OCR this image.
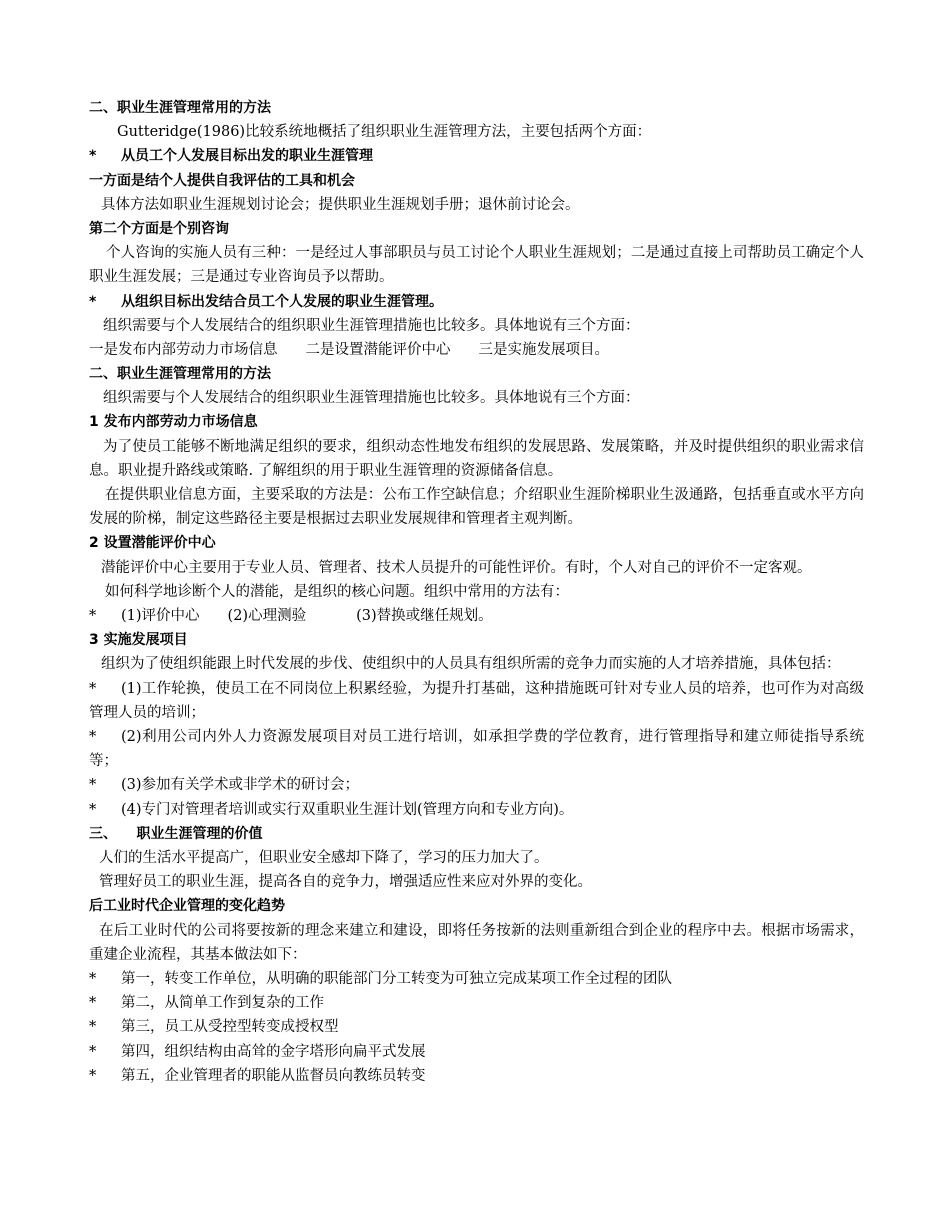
二、职业生涯管理常用的方法
Gutteridge(1986)比较系统地概括了组织职业生涯管理方法，主要包括两个方面：
* 从员工个人发展目标出发的职业生涯管理
一方面是结个人提供自我评估的工具和机会
具体方法如职业生涯规划讨论会；提供职业生涯规划手册；退休前讨论会。
第二个方面是个别咨询
个人咨询的实施人员有三种：一是经过人事部职员与员工讨论个人职业生涯规划；二是通过直接上司帮助员工确定个人职业生涯发展；三是通过专业咨询员予以帮助。
* 从组织目标出发结合员工个人发展的职业生涯管理。
组织需要与个人发展结合的组织职业生涯管理措施也比较多。具体地说有三个方面：
一是发布内部劳动力市场信息 二是设置潜能评价中心 三是实施发展项目。
二、职业生涯管理常用的方法
组织需要与个人发展结合的组织职业生涯管理措施也比较多。具体地说有三个方面：
1 发布内部劳动力市场信息
为了使员工能够不断地满足组织的要求，组织动态性地发布组织的发展思路、发展策略，并及时提供组织的职业需求信息。职业提升路线或策略. 了解组织的用于职业生涯管理的资源储备信息。
在提供职业信息方面，主要采取的方法是：公布工作空缺信息；介绍职业生涯阶梯职业生汲通路，包括垂直或水平方向发展的阶梯，制定这些路径主要是根据过去职业发展规律和管理者主观判断。
2 设置潜能评价中心
潜能评价中心主要用于专业人员、管理者、技术人员提升的可能性评价。有时，个人对自己的评价不一定客观。
如何科学地诊断个人的潜能，是组织的核心问题。组织中常用的方法有：
* (1)评价中心 (2)心理测验	(3)替换或继任规划。
3 实施发展项目
组织为了使组织能跟上时代发展的步伐、使组织中的人员具有组织所需的竞争力而实施的人才培养措施，具体包括：
* (1)工作轮换，使员工在不同岗位上积累经验，为提升打基础，这种措施既可针对专业人员的培养，也可作为对高级管理人员的培训；
* (2)利用公司内外人力资源发展项目对员工进行培训，如承担学费的学位教育，进行管理指导和建立师徒指导系统等；
* (3)参加有关学术或非学术的研讨会；
* (4)专门对管理者培训或实行双重职业生涯计划(管理方向和专业方向)。
三、    职业生涯管理的价值
人们的生活水平提高广，但职业安全感却下降了，学习的压力加大了。
管理好员工的职业生涯，提高各自的竞争力，增强适应性来应对外界的变化。
后工业时代企业管理的变化趋势
在后工业时代的公司将要按新的理念来建立和建设，即将任务按新的法则重新组合到企业的程序中去。根据市场需求，重建企业流程，其基本做法如下：
* 第一，转变工作单位，从明确的职能部门分工转变为可独立完成某项工作全过程的团队
* 第二，从简单工作到复杂的工作
* 第三，员工从受控型转变成授权型
* 第四，组织结构由高耸的金字塔形向扁平式发展
* 第五，企业管理者的职能从监督员向教练员转变
